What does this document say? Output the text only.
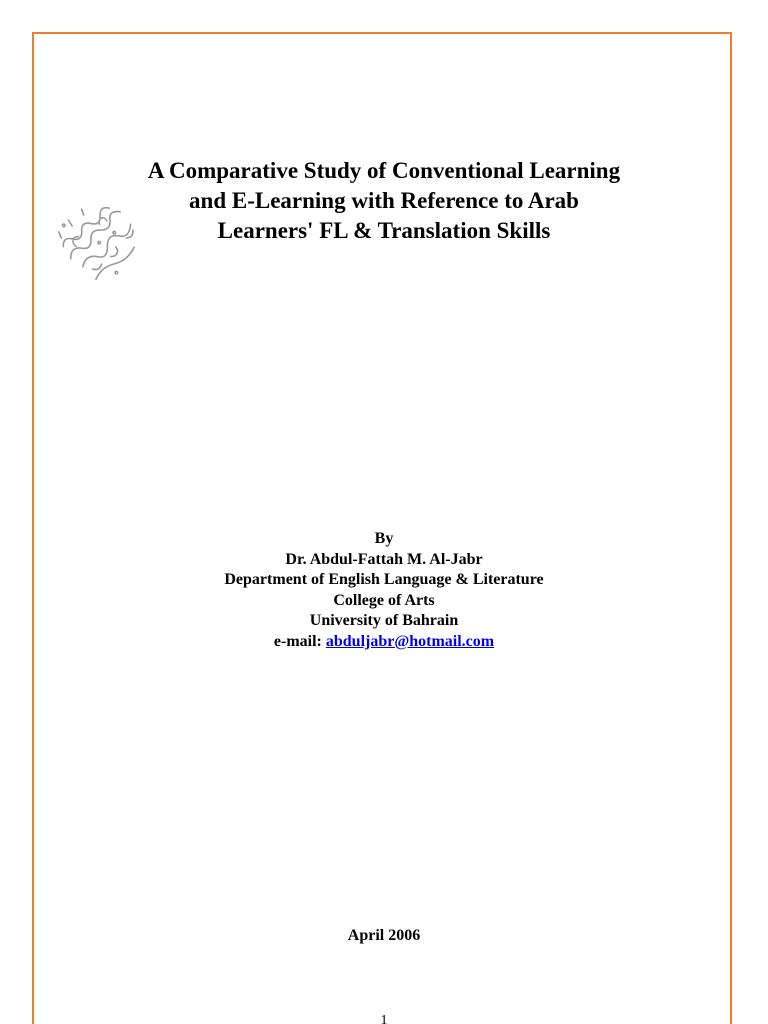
A Comparative Study of Conventional Learning
and E-Learning with Reference to Arab
Learners' FL & Translation Skills
By
Dr. Abdul-Fattah M. Al-Jabr
Department of English Language & Literature
College of Arts
University of Bahrain
e-mail: abduljabr@hotmail.com
April 2006
1
